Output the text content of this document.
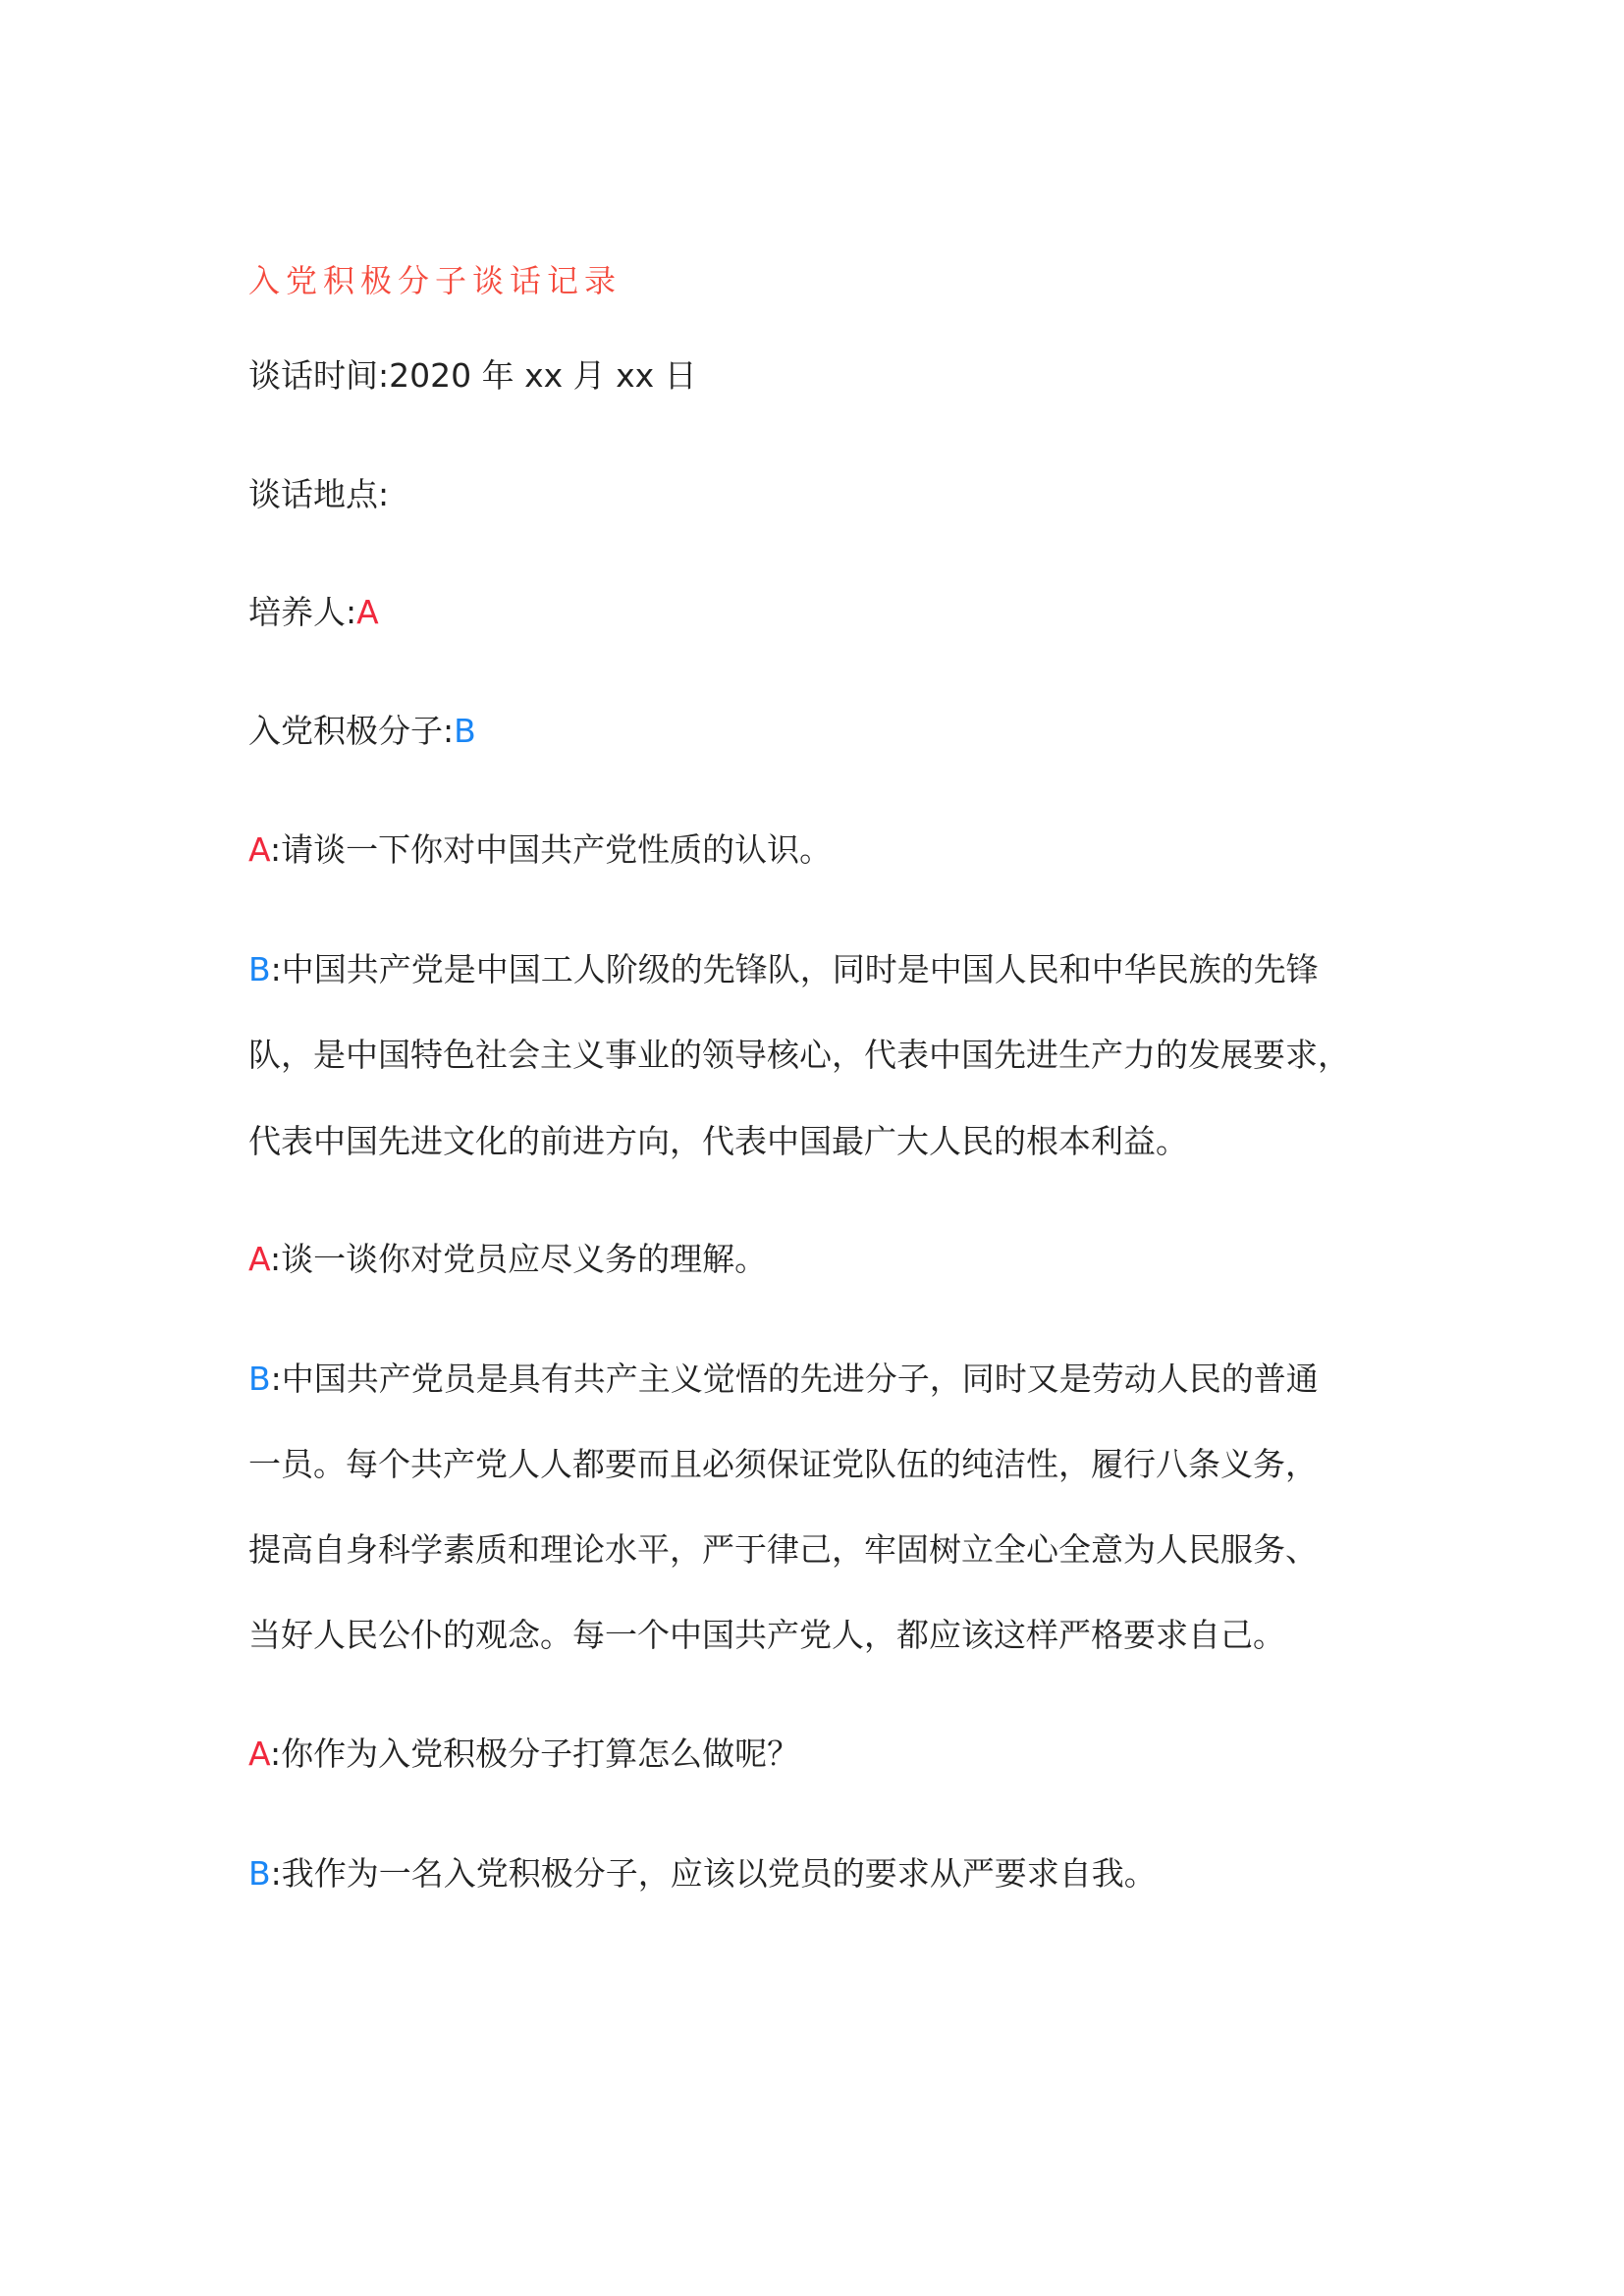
入党积极分子谈话记录
谈话时间:2020 年 xx 月 xx 日
谈话地点:
培养人:A
入党积极分子:B
A:请谈一下你对中国共产党性质的认识。
B:中国共产党是中国工人阶级的先锋队，同时是中国人民和中华民族的先锋
队，是中国特色社会主义事业的领导核心，代表中国先进生产力的发展要求，
代表中国先进文化的前进方向，代表中国最广大人民的根本利益。
A:谈一谈你对党员应尽义务的理解。
B:中国共产党员是具有共产主义觉悟的先进分子，同时又是劳动人民的普通
一员。每个共产党人人都要而且必须保证党队伍的纯洁性，履行八条义务，
提高自身科学素质和理论水平，严于律己，牢固树立全心全意为人民服务、
当好人民公仆的观念。每一个中国共产党人，都应该这样严格要求自己。
A:你作为入党积极分子打算怎么做呢？
B:我作为一名入党积极分子，应该以党员的要求从严要求自我。
